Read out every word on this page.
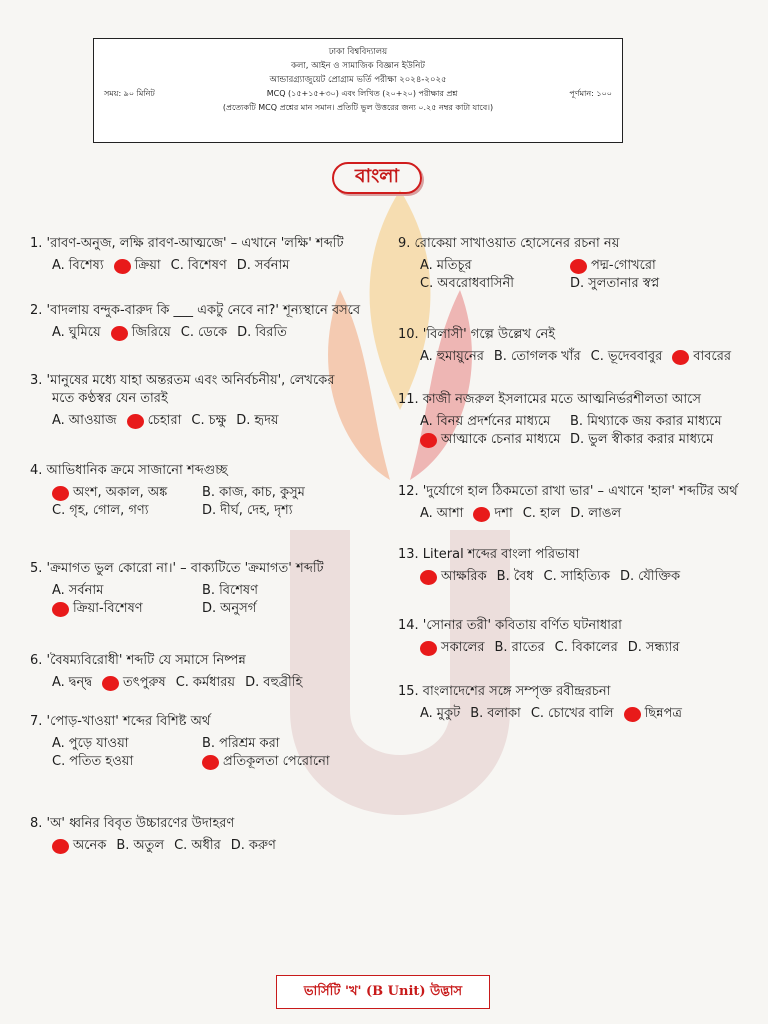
ঢাকা বিশ্ববিদ্যালয়
কলা, আইন ও সামাজিক বিজ্ঞান ইউনিট
আন্ডারগ্র্যাজুয়েট প্রোগ্রাম ভর্তি পরীক্ষা ২০২৪-২০২৫
সময়: ৯০ মিনিট	MCQ (১৫+১৫+৩০) এবং লিখিত (২০+২০) পরীক্ষার প্রশ্ন	পূর্ণমান: ১০০
(প্রত্যেকটি MCQ প্রশ্নের মান সমান। প্রতিটি ভুল উত্তরের জন্য ০.২৫ নম্বর কাটা যাবে।)
বাংলা
1. 'রাবণ-অনুজ, লক্ষি রাবণ-আত্মজে' – এখানে 'লক্ষি' শব্দটি
A. বিশেষ্য ক্রিয়া C. বিশেষণ D. সর্বনাম
2. 'বাদলায় বন্দুক-বারুদ কি ___ একটু নেবে না?' শূন্যস্থানে বসবে
A. ঘুমিয়ে জিরিয়ে C. ডেকে D. বিরতি
3. 'মানুষের মধ্যে যাহা অন্তরতম এবং অনির্বচনীয়', লেখকের
মতে কণ্ঠস্বর যেন তারই
A. আওয়াজ চেহারা C. চক্ষু D. হৃদয়
4. আভিধানিক ক্রমে সাজানো শব্দগুচ্ছ
অংশ, অকাল, অঙ্ক	B. কাজ, কাচ, কুসুম
C. গৃহ, গোল, গণ্য	D. দীর্ঘ, দেহ, দৃশ্য
5. 'ক্রমাগত ভুল কোরো না।' – বাক্যটিতে 'ক্রমাগত' শব্দটি
A. সর্বনাম	B. বিশেষণ
ক্রিয়া-বিশেষণ	D. অনুসর্গ
6. 'বৈষম্যবিরোধী' শব্দটি যে সমাসে নিষ্পন্ন
A. দ্বন্দ্ব তৎপুরুষ C. কর্মধারয় D. বহুব্রীহি
7. 'পোড়-খাওয়া' শব্দের বিশিষ্ট অর্থ
A. পুড়ে যাওয়া	B. পরিশ্রম করা
C. পতিত হওয়া	প্রতিকূলতা পেরোনো
8. 'অ' ধ্বনির বিবৃত উচ্চারণের উদাহরণ
অনেক B. অতুল C. অধীর D. করুণ
9. রোকেয়া সাখাওয়াত হোসেনের রচনা নয়
A. মতিচূর	পদ্ম-গোখরো
C. অবরোধবাসিনী	D. সুলতানার স্বপ্ন
10. 'বিলাসী' গল্পে উল্লেখ নেই
A. হুমায়ুনের B. তোগলক খাঁর C. ভূদেববাবুর বাবরের
11. কাজী নজরুল ইসলামের মতে আত্মনির্ভরশীলতা আসে
A. বিনয় প্রদর্শনের মাধ্যমে B. মিথ্যাকে জয় করার মাধ্যমে
আত্মাকে চেনার মাধ্যমে D. ভুল স্বীকার করার মাধ্যমে
12. 'দুর্যোগে হাল ঠিকমতো রাখা ভার' – এখানে 'হাল' শব্দটির অর্থ
A. আশা দশা C. হাল D. লাঙল
13. Literal শব্দের বাংলা পরিভাষা
আক্ষরিক B. বৈধ C. সাহিত্যিক D. যৌক্তিক
14. 'সোনার তরী' কবিতায় বর্ণিত ঘটনাধারা
সকালের B. রাতের C. বিকালের D. সন্ধ্যার
15. বাংলাদেশের সঙ্গে সম্পৃক্ত রবীন্দ্ররচনা
A. মুকুট B. বলাকা C. চোখের বালি ছিন্নপত্র
ভার্সিটি 'খ' (B Unit) উদ্ভাস
